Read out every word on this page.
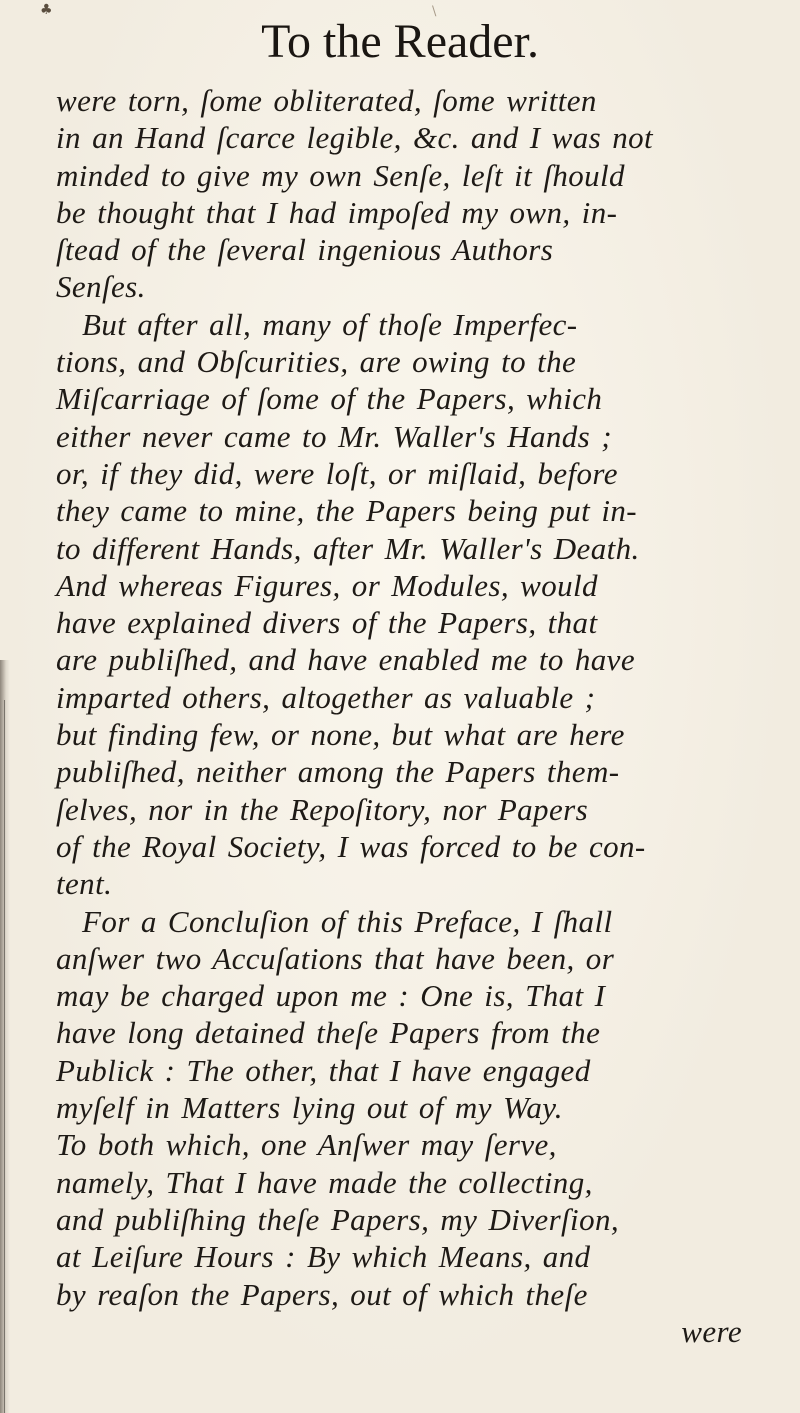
♣	\
To the Reader.
were torn, ſome obliterated, ſome written
in an Hand ſcarce legible, &c. and I was not
minded to give my own Senſe, leſt it ſhould
be thought that I had impoſed my own, in-
ſtead of the ſeveral ingenious Authors
Senſes.
But after all, many of thoſe Imperfec-
tions, and Obſcurities, are owing to the
Miſcarriage of ſome of the Papers, which
either never came to Mr. Waller's Hands ;
or, if they did, were loſt, or miſlaid, before
they came to mine, the Papers being put in-
to different Hands, after Mr. Waller's Death.
And whereas Figures, or Modules, would
have explained divers of the Papers, that
are publiſhed, and have enabled me to have
imparted others, altogether as valuable ;
but finding few, or none, but what are here
publiſhed, neither among the Papers them-
ſelves, nor in the Repoſitory, nor Papers
of the Royal Society, I was forced to be con-
tent.
For a Concluſion of this Preface, I ſhall
anſwer two Accuſations that have been, or
may be charged upon me : One is, That I
have long detained theſe Papers from the
Publick : The other, that I have engaged
myſelf in Matters lying out of my Way.
To both which, one Anſwer may ſerve,
namely, That I have made the collecting,
and publiſhing theſe Papers, my Diverſion,
at Leiſure Hours : By which Means, and
by reaſon the Papers, out of which theſe
were
